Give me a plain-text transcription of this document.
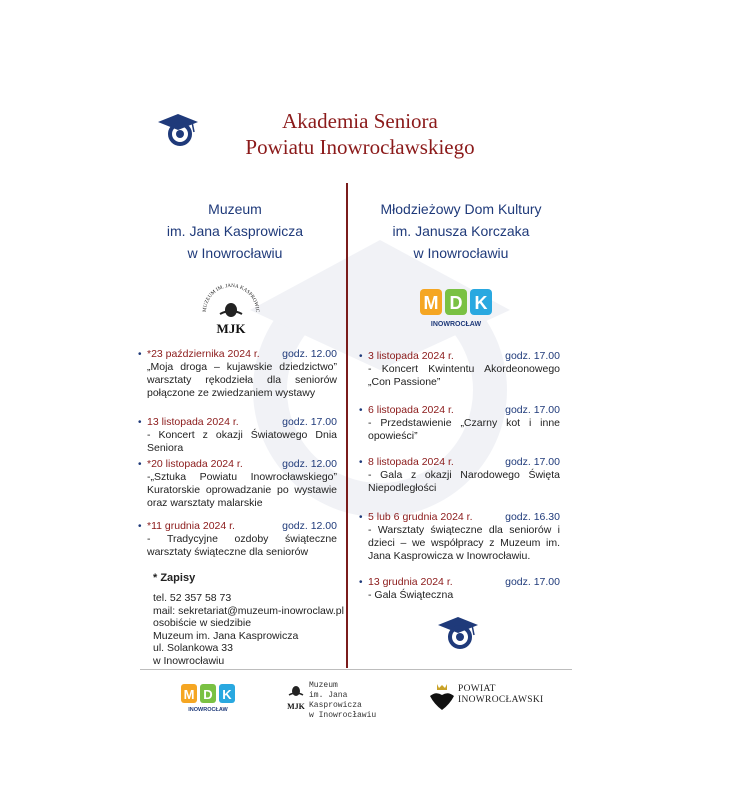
Akademia Seniora
Powiatu Inowrocławskiego
Muzeum
im. Jana Kasprowicza
w Inowrocławiu
MUZEUM IM. JANA KASPROWIC
MJK
• *23 października 2024 r. godz. 12.00
„Moja droga – kujawskie dziedzictwo” warsztaty rękodzieła dla seniorów połączone ze zwiedzaniem wystawy
• 13 listopada 2024 r.	godz. 17.00
- Koncert z okazji Światowego Dnia Seniora
• *20 listopada 2024 r.	godz. 12.00
-„Sztuka Powiatu Inowrocławskiego” Kuratorskie oprowadzanie po wystawie oraz warsztaty malarskie
• *11 grudnia 2024 r.	godz. 12.00
- Tradycyjne ozdoby świąteczne warsztaty świąteczne dla seniorów
* Zapisy
tel. 52 357 58 73
mail: sekretariat@muzeum-inowroclaw.pl
osobiście w siedzibie
Muzeum im. Jana Kasprowicza
ul. Solankowa 33
w Inowrocławiu
Młodzieżowy Dom Kultury
im. Janusza Korczaka
w Inowrocławiu
M D K
INOWROCŁAW
• 3 listopada 2024 r.	godz. 17.00
- Koncert Kwintentu Akordeonowego „Con Passione”
• 6 listopada 2024 r.	godz. 17.00
- Przedstawienie „Czarny kot i inne opowieści”
• 8 listopada 2024 r.	godz. 17.00
- Gala z okazji Narodowego Święta Niepodległości
• 5 lub 6 grudnia 2024 r.	godz. 16.30
- Warsztaty świąteczne dla seniorów i dzieci – we współpracy z Muzeum im. Jana Kasprowicza w Inowrocławiu.
• 13 grudnia 2024 r.	godz. 17.00
- Gala Świąteczna
M D K
INOWROCŁAW	MJK
Muzeum
im. Jana Kasprowicza
w Inowrocławiu
POWIAT
INOWROCŁAWSKI
